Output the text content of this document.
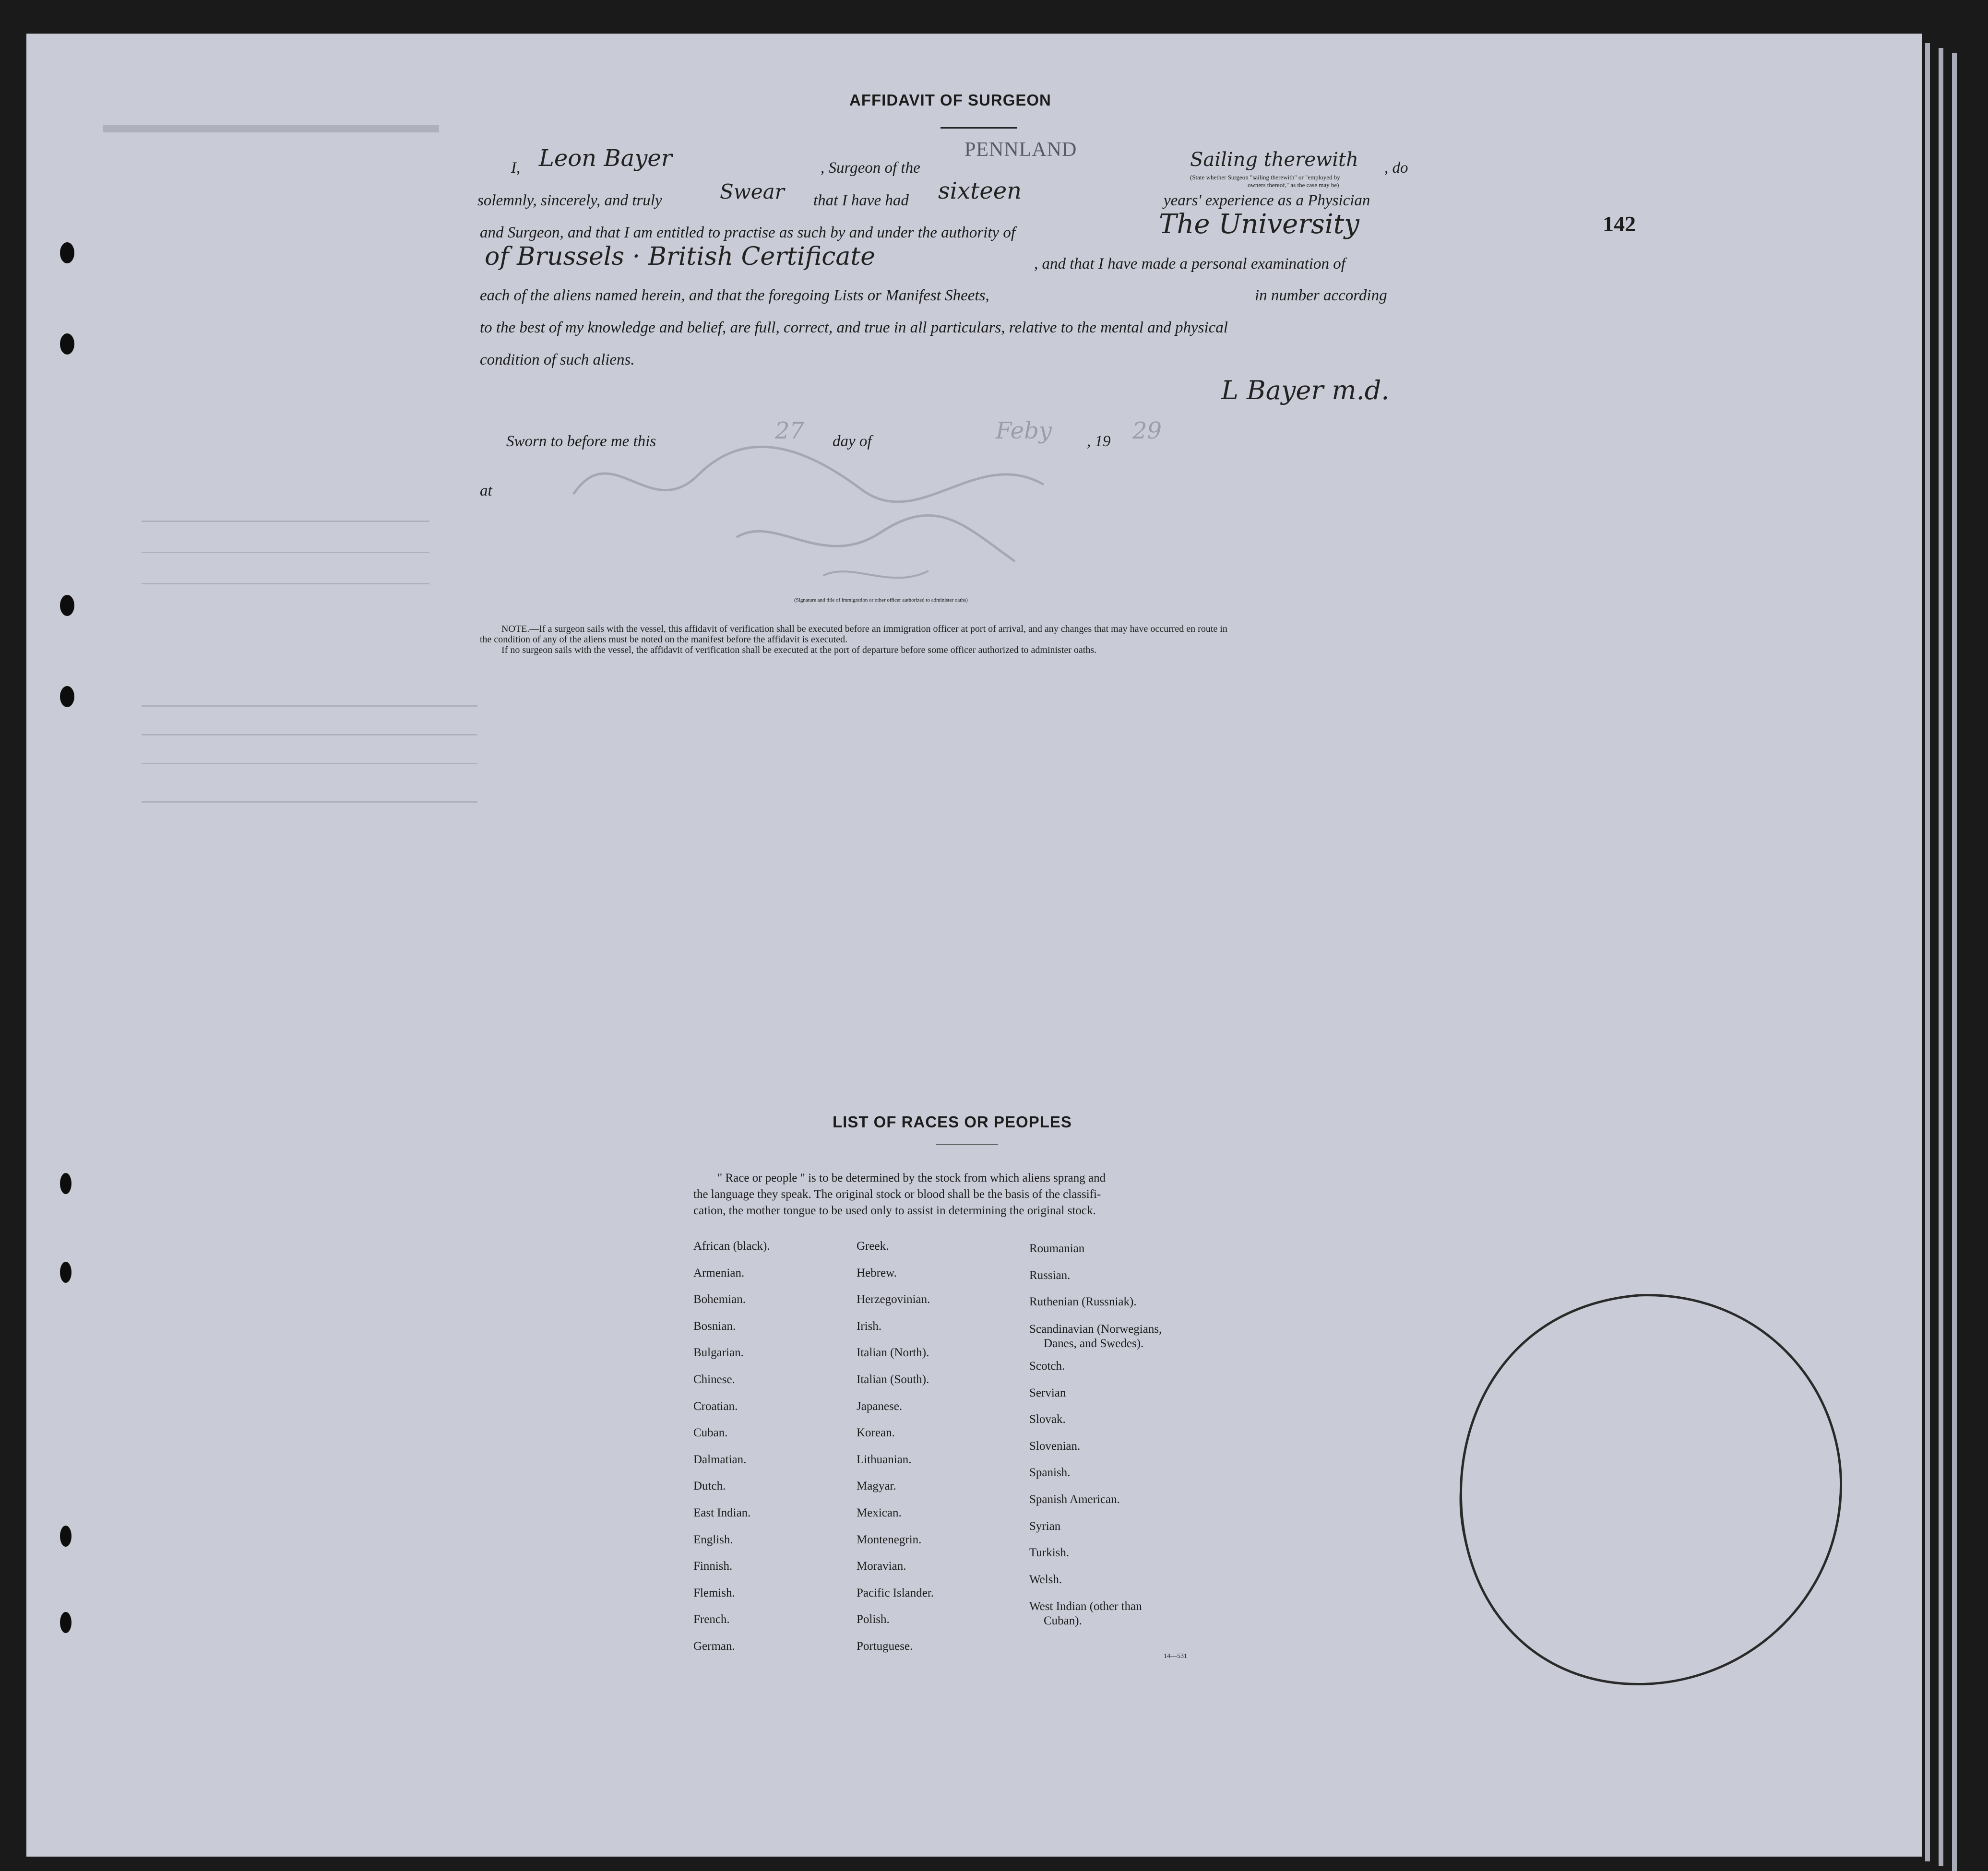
142
AFFIDAVIT OF SURGEON
I, Leon Bayer	, Surgeon of the
PENNLAND	Sailing therewith , do
(State whether Surgeon "sailing therewith" or "employed by
owners thereof," as the case may be)
solemnly, sincerely, and truly	Swear that I have had sixteen	years' experience as a Physician
and Surgeon, and that I am entitled to practise as such by and under the authority of	The University
of Brussels · British Certificate	, and that I have made a personal examination of
each of the aliens named herein, and that the foregoing Lists or Manifest Sheets,	in number according
to the best of my knowledge and belief, are full, correct, and true in all particulars, relative to the mental and physical
condition of such aliens.
L Bayer m.d.
Sworn to before me this	27 day of	Feby , 19 29
at
(Signature and title of immigration or other officer authorized to administer oaths)
NOTE.—If a surgeon sails with the vessel, this affidavit of verification shall be executed before an immigration officer at port of arrival, and any changes that may have occurred en route in
the condition of any of the aliens must be noted on the manifest before the affidavit is executed.
If no surgeon sails with the vessel, the affidavit of verification shall be executed at the port of departure before some officer authorized to administer oaths.
LIST OF RACES OR PEOPLES
" Race or people " is to be determined by the stock from which aliens sprang and
the language they speak. The original stock or blood shall be the basis of the classifi-
cation, the mother tongue to be used only to assist in determining the original stock.
African (black).
Armenian.
Bohemian.
Bosnian.
Bulgarian.
Chinese.
Croatian.
Cuban.
Dalmatian.
Dutch.
East Indian.
English.
Finnish.
Flemish.
French.
German.
Greek.
Hebrew.
Herzegovinian.
Irish.
Italian (North).
Italian (South).
Japanese.
Korean.
Lithuanian.
Magyar.
Mexican.
Montenegrin.
Moravian.
Pacific Islander.
Polish.
Portuguese.
Roumanian
Russian.
Ruthenian (Russniak).
Scandinavian (Norwegians,
Danes, and Swedes).
Scotch.
Servian
Slovak.
Slovenian.
Spanish.
Spanish American.
Syrian
Turkish.
Welsh.
West Indian (other than
Cuban).
14—531
